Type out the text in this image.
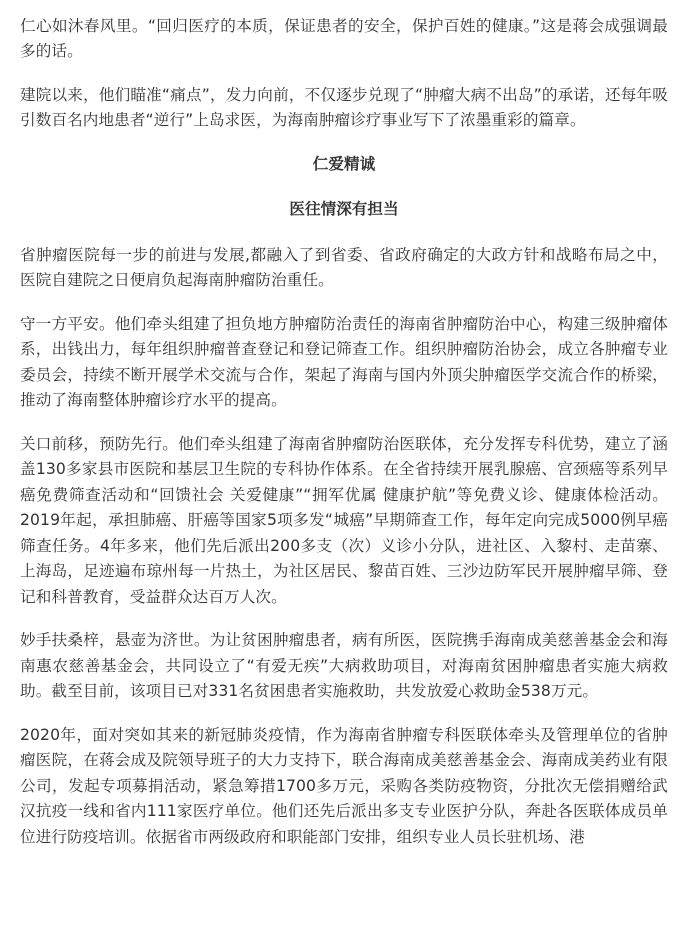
仁心如沐春风里。“回归医疗的本质，保证患者的安全，保护百姓的健康。”这是蒋会成强调最多的话。

建院以来，他们瞄准“痛点”，发力向前，不仅逐步兑现了“肿瘤大病不出岛”的承诺，还每年吸引数百名内地患者“逆行”上岛求医，为海南肿瘤诊疗事业写下了浓墨重彩的篇章。

仁爱精诚
医往情深有担当

省肿瘤医院每一步的前进与发展,都融入了到省委、省政府确定的大政方针和战略布局之中，医院自建院之日便肩负起海南肿瘤防治重任。

守一方平安。他们牵头组建了担负地方肿瘤防治责任的海南省肿瘤防治中心，构建三级肿瘤体系，出钱出力，每年组织肿瘤普查登记和登记筛查工作。组织肿瘤防治协会，成立各肿瘤专业委员会，持续不断开展学术交流与合作，架起了海南与国内外顶尖肿瘤医学交流合作的桥梁，推动了海南整体肿瘤诊疗水平的提高。

关口前移，预防先行。他们牵头组建了海南省肿瘤防治医联体，充分发挥专科优势，建立了涵盖130多家县市医院和基层卫生院的专科协作体系。在全省持续开展乳腺癌、宫颈癌等系列早癌免费筛查活动和“回馈社会 关爱健康”“拥军优属 健康护航”等免费义诊、健康体检活动。2019年起，承担肺癌、肝癌等国家5项多发“城癌”早期筛查工作，每年定向完成5000例早癌筛查任务。4年多来，他们先后派出200多支（次）义诊小分队，进社区、入黎村、走苗寨、上海岛，足迹遍布琼州每一片热土，为社区居民、黎苗百姓、三沙边防军民开展肿瘤早筛、登记和科普教育，受益群众达百万人次。

妙手扶桑梓，悬壶为济世。为让贫困肿瘤患者，病有所医，医院携手海南成美慈善基金会和海南惠农慈善基金会，共同设立了“有爱无疾”大病救助项目，对海南贫困肿瘤患者实施大病救助。截至目前，该项目已对331名贫困患者实施救助，共发放爱心救助金538万元。

2020年，面对突如其来的新冠肺炎疫情，作为海南省肿瘤专科医联体牵头及管理单位的省肿瘤医院，在蒋会成及院领导班子的大力支持下，联合海南成美慈善基金会、海南成美药业有限公司，发起专项募捐活动，紧急筹措1700多万元，采购各类防疫物资，分批次无偿捐赠给武汉抗疫一线和省内111家医疗单位。他们还先后派出多支专业医护分队，奔赴各医联体成员单位进行防疫培训。依据省市两级政府和职能部门安排，组织专业人员长驻机场、港
